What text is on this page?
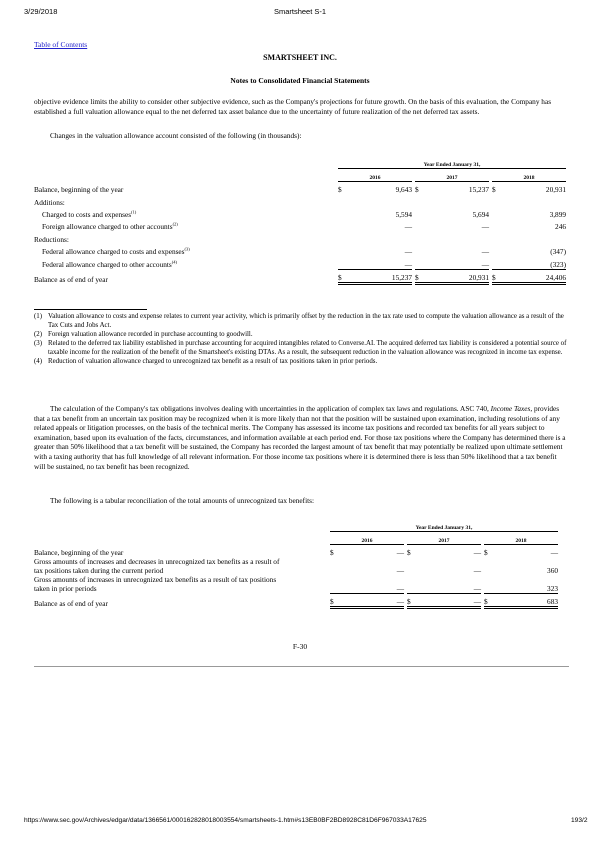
3/29/2018	Smartsheet S-1
Table of Contents
SMARTSHEET INC.
Notes to Consolidated Financial Statements

objective evidence limits the ability to consider other subjective evidence, such as the Company's projections for future growth. On the basis of this evaluation, the Company has established a full valuation allowance equal to the net deferred tax asset balance due to the uncertainty of future realization of the net deferred tax assets.

Changes in the valuation allowance account consisted of the following (in thousands):

	Year Ended January 31,							
	2016			2017			2018	
Balance, beginning of the year	$	9,643		$	15,237		$	20,931
Additions:								
Charged to costs and expenses$^{(1)}$		5,594			5,694			3,899
Foreign allowance charged to other accounts$^{(2)}$		—			—			246
Reductions:								
Federal allowance charged to costs and expenses$^{(3)}$		—			—			(347)
Federal allowance charged to other accounts$^{(4)}$		—			—			(323)
Balance as of end of year	$	15,237		$	20,931		$	24,406
(1) Valuation allowance to costs and expense relates to current year activity, which is primarily offset by the reduction in the tax rate used to compute the valuation allowance as a result of the Tax Cuts and Jobs Act.
(2) Foreign valuation allowance recorded in purchase accounting to goodwill.
(3) Related to the deferred tax liability established in purchase accounting for acquired intangibles related to Converse.AI. The acquired deferred tax liability is considered a potential source of taxable income for the realization of the benefit of the Smartsheet's existing DTAs. As a result, the subsequent reduction in the valuation allowance was recognized in income tax expense.
(4) Reduction of valuation allowance charged to unrecognized tax benefit as a result of tax positions taken in prior periods.

The calculation of the Company's tax obligations involves dealing with uncertainties in the application of complex tax laws and regulations. ASC 740, Income Taxes, provides that a tax benefit from an uncertain tax position may be recognized when it is more likely than not that the position will be sustained upon examination, including resolutions of any related appeals or litigation processes, on the basis of the technical merits. The Company has assessed its income tax positions and recorded tax benefits for all years subject to examination, based upon its evaluation of the facts, circumstances, and information available at each period end. For those tax positions where the Company has determined there is a greater than 50% likelihood that a tax benefit will be sustained, the Company has recorded the largest amount of tax benefit that may potentially be realized upon ultimate settlement with a taxing authority that has full knowledge of all relevant information. For those income tax positions where it is determined there is less than 50% likelihood that a tax benefit will be sustained, no tax benefit has been recognized.

The following is a tabular reconciliation of the total amounts of unrecognized tax benefits:

	Year Ended January 31,							
	2016			2017			2018	
Balance, beginning of the year	$	—		$	—		$	—
Gross amounts of increases and decreases in unrecognized tax benefits as a result of
tax positions taken during the current period		—			—			360
Gross amounts of increases in unrecognized tax benefits as a result of tax positions
taken in prior periods		—			—			323
Balance as of end of year	$	—		$	—		$	683
F-30
https://www.sec.gov/Archives/edgar/data/1366561/000162828018003554/smartsheets-1.htm#s13EB0BF2BD8928C81D6F967033A17625	193/2
